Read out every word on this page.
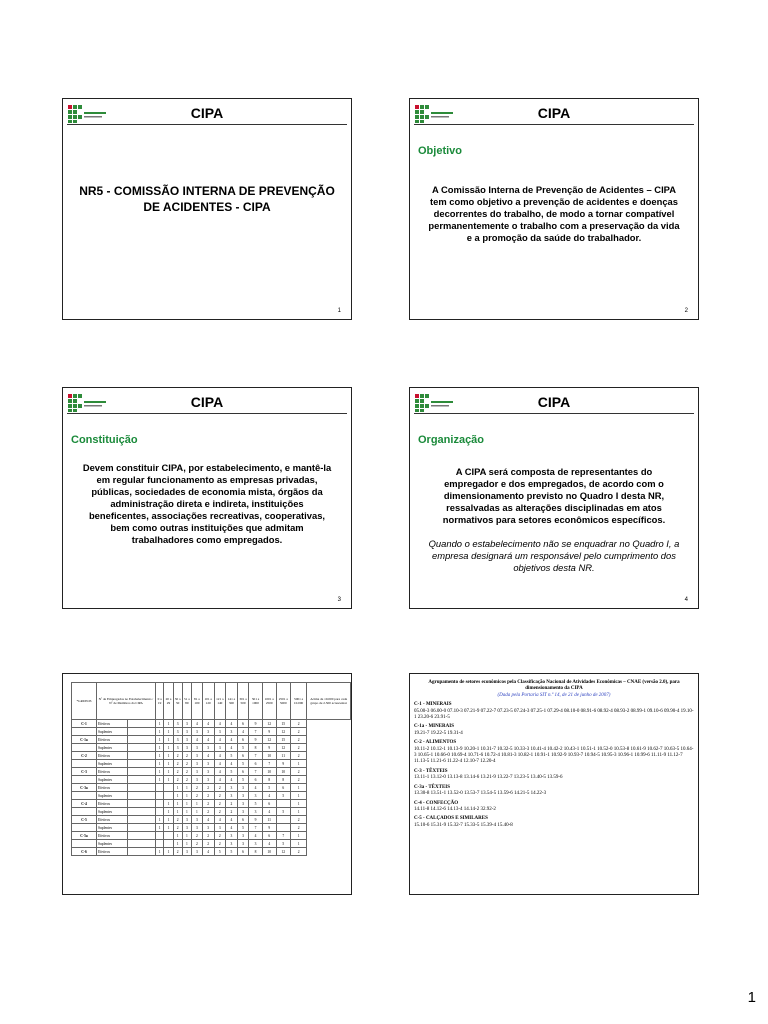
CIPA
NR5 - COMISSÃO INTERNA DE PREVENÇÃO DE ACIDENTES - CIPA
1
CIPA
Objetivo
A Comissão Interna de Prevenção de Acidentes – CIPA tem como objetivo a prevenção de acidentes e doenças decorrentes do trabalho, de modo a tornar compatível permanentemente o trabalho com a preservação da vida e a promoção da saúde do trabalhador.
2
CIPA
Constituição
Devem constituir CIPA, por estabelecimento, e mantê-la em regular funcionamento as empresas privadas, públicas, sociedades de economia mista, órgãos da administração direta e indireta, instituições beneficentes, associações recreativas, cooperativas, bem como outras instituições que admitam trabalhadores como empregados.
3
CIPA
Organização
A CIPA será composta de representantes do empregador e dos empregados, de acordo com o dimensionamento previsto no Quadro I desta NR, ressalvadas as alterações disciplinadas em atos normativos para setores econômicos específicos.
Quando o estabelecimento não se enquadrar no Quadro I, a empresa designará um responsável pelo cumprimento dos objetivos desta NR.
4
*GRUPOS	Nº de Empregados no Estabelecimento / Nº de Membros da CIPA		0 a 19	20 a 29	30 a 50	51 a 80	81 a 100	101 a 120	121 a 140	141 a 300	301 a 500	501 a 1000	1001 a 2500	2501 a 5000	5001 a 10.000	Acima de 10.000 para cada grupo de 2.500 acrescentar
C-1	Efetivos		1	1	3	3	4	4	4	4	6	9	12	15	2	
	Suplentes		1	1	3	3	3	3	3	3	4	7	9	12	2	
C-1a	Efetivos		1	1	3	3	4	4	4	4	6	9	12	15	2	
	Suplentes		1	1	3	3	3	3	3	4	5	8	9	12	2	
C-2	Efetivos		1	1	2	2	3	4	4	5	6	7	10	11	2	
	Suplentes		1	1	2	2	3	3	4	4	5	6	7	9	1	
C-3	Efetivos		1	1	2	2	3	3	4	5	6	7	10	10	2	
	Suplentes		1	1	2	2	3	3	4	4	5	6	8	8	2	
C-3a	Efetivos				1	1	2	2	2	3	3	4	5	6	1	
	Suplentes				1	1	2	2	2	3	3	3	4	5	1	
C-4	Efetivos			1	1	1	1	2	2	2	3	5	6		1	
	Suplentes			1	1	1	1	2	2	2	3	3	4	5	1	
C-5	Efetivos		1	1	2	3	3	4	4	4	6	9	11		2	
	Suplentes		1	1	2	3	3	3	3	4	5	7	9		2	
C-5a	Efetivos				1	1	2	2	2	3	3	4	6	7	1	
	Suplentes				1	1	2	2	2	3	3	3	4	5	1	
C-6	Efetivos		1	1	2	3	3	4	5	5	6	8	10	12	2	
Agrupamento de setores econômicos pela Classificação Nacional de Atividades Econômicas – CNAE (versão 2.0), para dimensionamento da CIPA
(Dada pela Portaria SIT n.º 14, de 21 de junho de 2007)
C-1 - MINERAIS
05.00-3 06.00-0 07.10-3 07.21-9 07.22-7 07.23-5 07.24-3 07.25-1 07.29-4 08.10-0 08.91-6 08.92-4 08.93-2 08.99-1 09.10-6 09.90-4 19.10-1 23.20-6 23.91-5
C-1a - MINERAIS
19.21-7 19.22-5 19.31-4
C-2 - ALIMENTOS
10.11-2 10.12-1 10.13-9 10.20-1 10.31-7 10.32-5 10.33-3 10.41-4 10.42-2 10.43-1 10.51-1 10.52-0 10.53-8 10.61-9 10.62-7 10.63-5 10.64-3 10.65-1 10.66-0 10.69-4 10.71-6 10.72-4 10.81-3 10.82-1 10.91-1 10.92-9 10.93-7 10.94-5 10.95-3 10.96-1 10.99-6 11.11-9 11.12-7 11.13-5 11.21-6 11.22-4 12.10-7 12.20-4
C-3 - TÊXTEIS
13.11-1 13.12-0 13.13-8 13.14-6 13.21-9 13.22-7 13.23-5 13.40-5 13.59-6
C-3a - TÊXTEIS
13.30-8 13.51-1 13.52-0 13.53-7 13.54-5 13.59-6 14.21-5 14.22-3
C-4 - CONFECÇÃO
14.11-8 14.12-6 14.13-4 14.14-2 32.92-2
C-5 - CALÇADOS E SIMILARES
15.10-6 15.31-9 15.32-7 15.33-5 15.39-4 15.40-8
1
